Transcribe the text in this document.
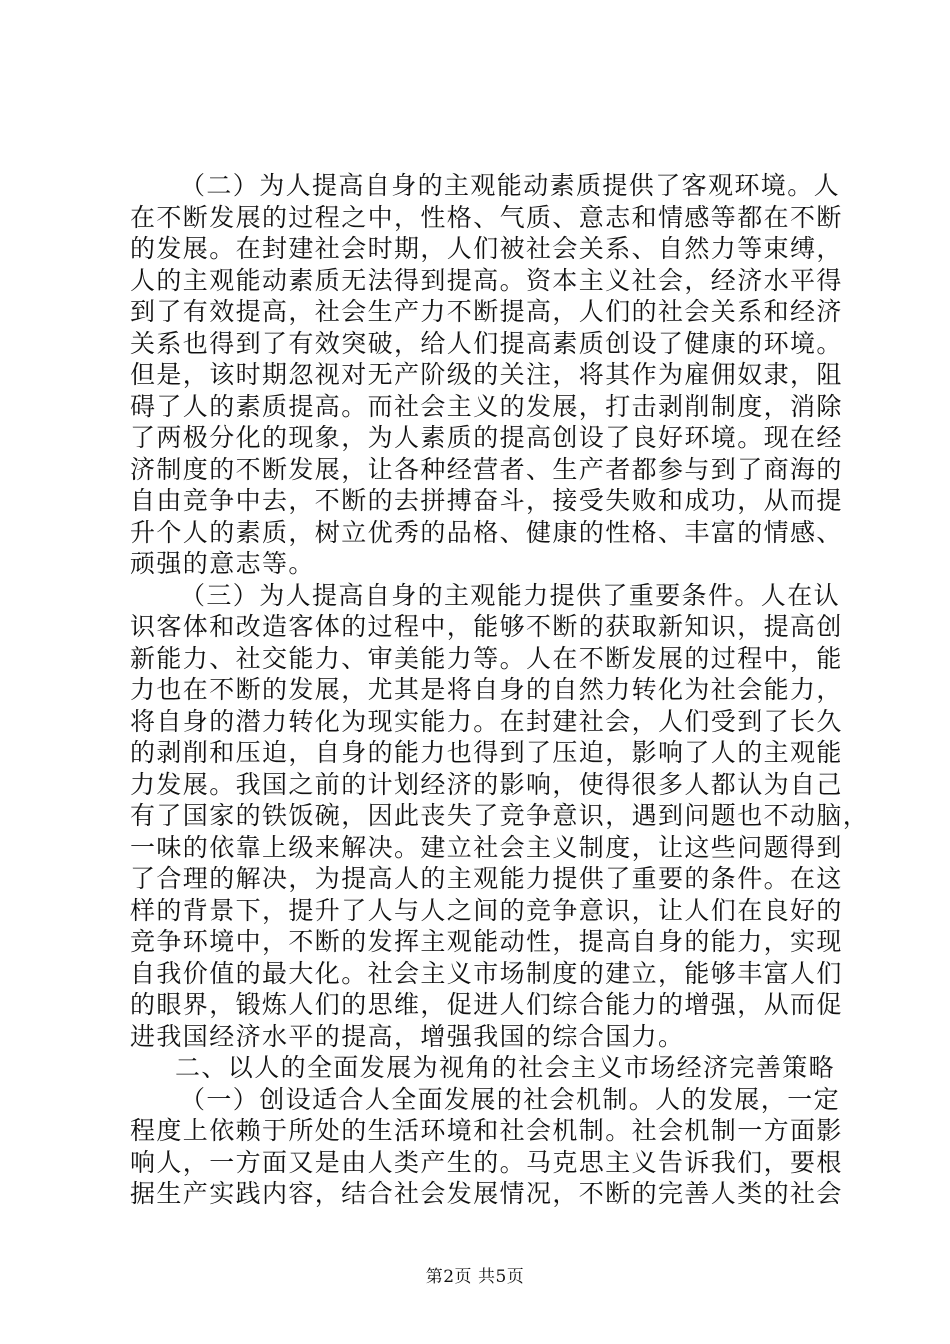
（二）为人提高自身的主观能动素质提供了客观环境。人
在不断发展的过程之中，性格、气质、意志和情感等都在不断
的发展。在封建社会时期，人们被社会关系、自然力等束缚，
人的主观能动素质无法得到提高。资本主义社会，经济水平得
到了有效提高，社会生产力不断提高，人们的社会关系和经济
关系也得到了有效突破，给人们提高素质创设了健康的环境。
但是，该时期忽视对无产阶级的关注，将其作为雇佣奴隶，阻
碍了人的素质提高。而社会主义的发展，打击剥削制度，消除
了两极分化的现象，为人素质的提高创设了良好环境。现在经
济制度的不断发展，让各种经营者、生产者都参与到了商海的
自由竞争中去，不断的去拼搏奋斗，接受失败和成功，从而提
升个人的素质，树立优秀的品格、健康的性格、丰富的情感、
顽强的意志等。
（三）为人提高自身的主观能力提供了重要条件。人在认
识客体和改造客体的过程中，能够不断的获取新知识，提高创
新能力、社交能力、审美能力等。人在不断发展的过程中，能
力也在不断的发展，尤其是将自身的自然力转化为社会能力，
将自身的潜力转化为现实能力。在封建社会，人们受到了长久
的剥削和压迫，自身的能力也得到了压迫，影响了人的主观能
力发展。我国之前的计划经济的影响，使得很多人都认为自己
有了国家的铁饭碗，因此丧失了竞争意识，遇到问题也不动脑，
一味的依靠上级来解决。建立社会主义制度，让这些问题得到
了合理的解决，为提高人的主观能力提供了重要的条件。在这
样的背景下，提升了人与人之间的竞争意识，让人们在良好的
竞争环境中，不断的发挥主观能动性，提高自身的能力，实现
自我价值的最大化。社会主义市场制度的建立，能够丰富人们
的眼界，锻炼人们的思维，促进人们综合能力的增强，从而促
进我国经济水平的提高，增强我国的综合国力。
二、以人的全面发展为视角的社会主义市场经济完善策略
（一）创设适合人全面发展的社会机制。人的发展，一定
程度上依赖于所处的生活环境和社会机制。社会机制一方面影
响人，一方面又是由人类产生的。马克思主义告诉我们，要根
据生产实践内容，结合社会发展情况，不断的完善人类的社会
第2页 共5页
